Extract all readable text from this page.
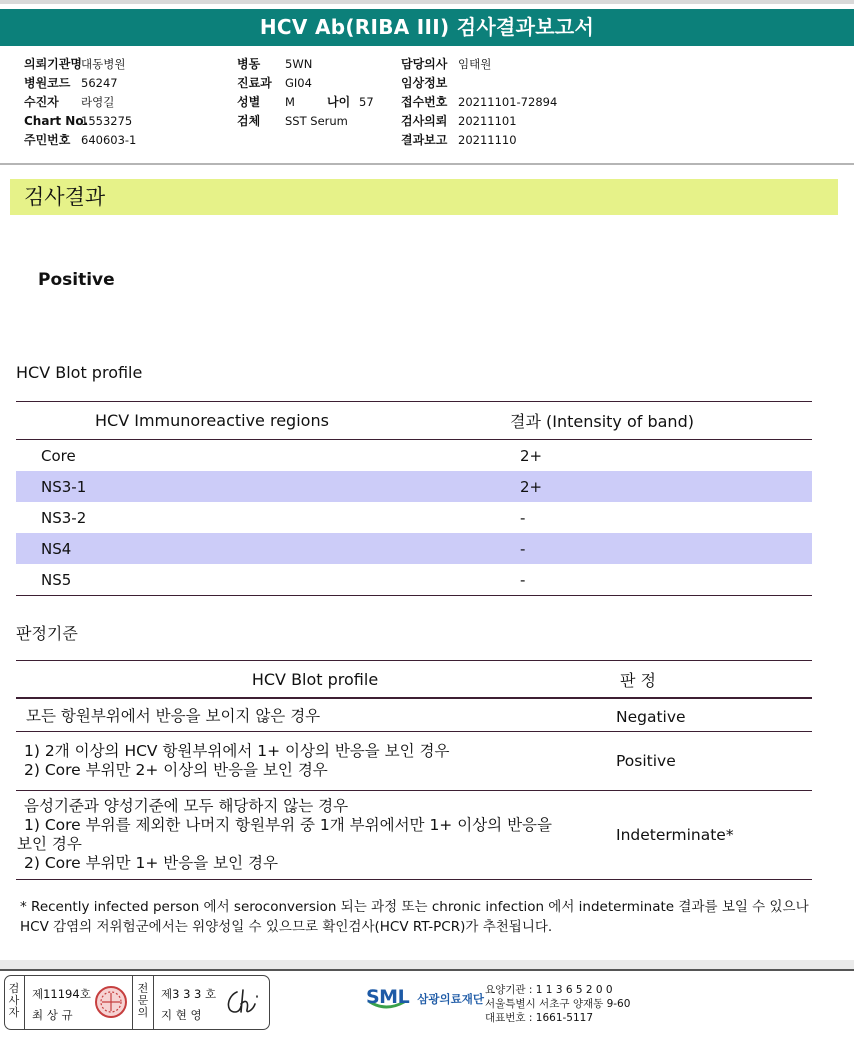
HCV Ab(RIBA III) 검사결과보고서
의뢰기관명대동병원
병원코드 56247
수진자 라영길
Chart No.1553275
주민번호 640603-1
병동 5WN
진료과 GI04
성별 M	나이 57
검체 SST Serum
담당의사 임태원
임상정보
접수번호 20211101-72894
검사의뢰 20211101
결과보고 20211110
검사결과
Positive
HCV Blot profile
HCV Immunoreactive regions	결과 (Intensity of band)
Core	2+
NS3-1	2+
NS3-2	-
NS4	-
NS5	-
판정기준
HCV Blot profile	판 정
모든 항원부위에서 반응을 보이지 않은 경우	Negative

1) 2개 이상의 HCV 항원부위에서 1+ 이상의 반응을 보인 경우
2) Core 부위만 2+ 이상의 반응을 보인 경우	Positive

음성기준과 양성기준에 모두 해당하지 않는 경우
1) Core 부위를 제외한 나머지 항원부위 중 1개 부위에서만 1+ 이상의 반응을
보인 경우
2) Core 부위만 1+ 반응을 보인 경우	Indeterminate*
* Recently infected person 에서 seroconversion 되는 과정 또는 chronic infection 에서 indeterminate 결과를 보일 수 있으나 HCV 감염의 저위험군에서는 위양성일 수 있으므로 확인검사(HCV RT-PCR)가 추천됩니다.
검사자
제11194호
최 상 규
전문의
제3 3 3 호
지 현 영
SML 삼광의료재단
요양기관 : 1 1 3 6 5 2 0 0
서울특별시 서초구 양재동 9-60
대표번호 : 1661-5117
